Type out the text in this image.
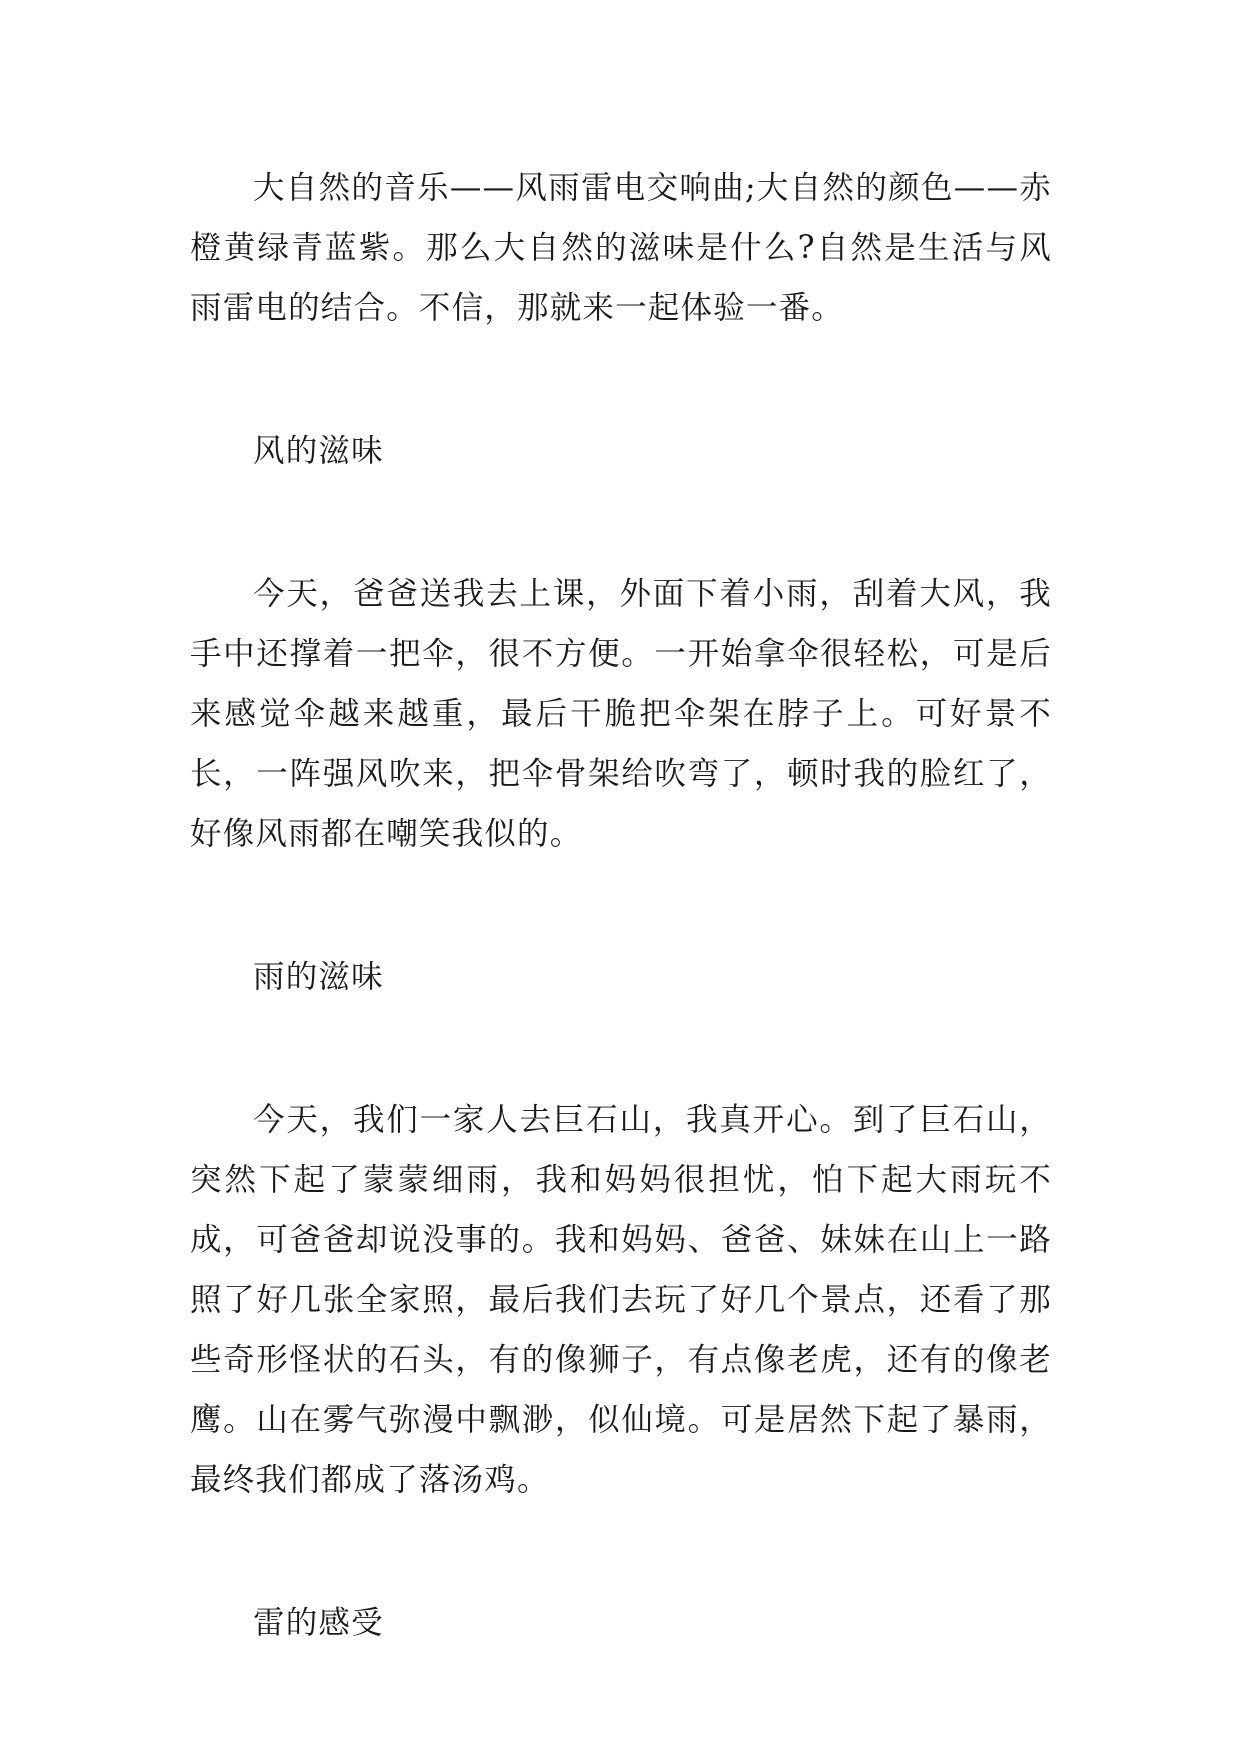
大自然的音乐——风雨雷电交响曲;大自然的颜色——赤橙黄绿青蓝紫。那么大自然的滋味是什么?自然是生活与风雨雷电的结合。不信，那就来一起体验一番。

风的滋味

今天，爸爸送我去上课，外面下着小雨，刮着大风，我手中还撑着一把伞，很不方便。一开始拿伞很轻松，可是后来感觉伞越来越重，最后干脆把伞架在脖子上。可好景不长，一阵强风吹来，把伞骨架给吹弯了，顿时我的脸红了，好像风雨都在嘲笑我似的。

雨的滋味

今天，我们一家人去巨石山，我真开心。到了巨石山，突然下起了蒙蒙细雨，我和妈妈很担忧，怕下起大雨玩不成，可爸爸却说没事的。我和妈妈、爸爸、妹妹在山上一路照了好几张全家照，最后我们去玩了好几个景点，还看了那些奇形怪状的石头，有的像狮子，有点像老虎，还有的像老鹰。山在雾气弥漫中飘渺，似仙境。可是居然下起了暴雨，最终我们都成了落汤鸡。

雷的感受
